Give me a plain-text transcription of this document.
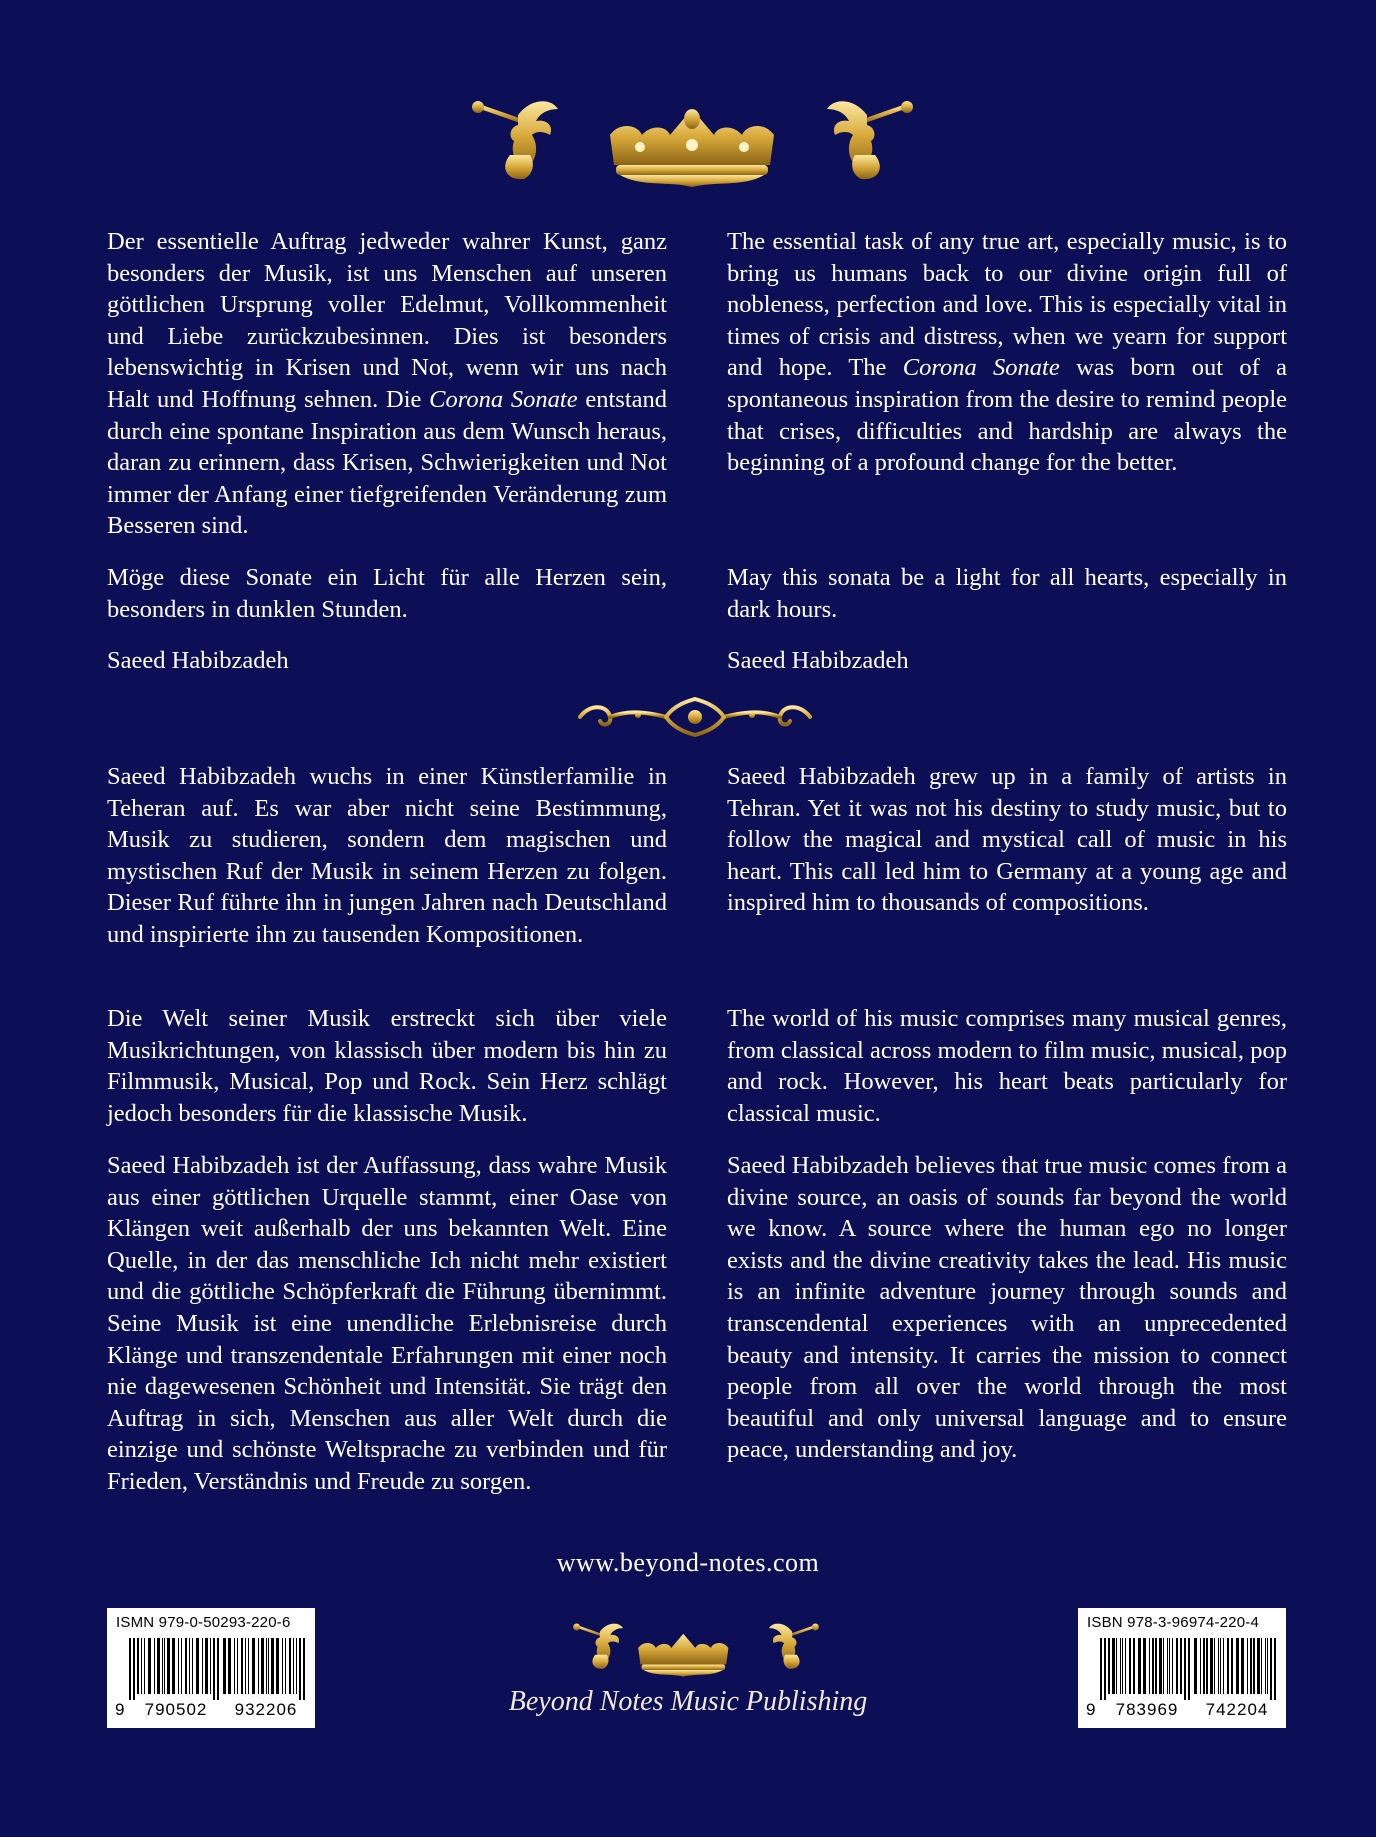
Der essentielle Auftrag jedweder wahrer Kunst, ganz besonders der Musik, ist uns Menschen auf unseren göttlichen Ursprung voller Edelmut, Vollkommenheit und Liebe zurückzubesinnen. Dies ist besonders lebenswichtig in Krisen und Not, wenn wir uns nach Halt und Hoffnung sehnen. Die Corona Sonate entstand durch eine spontane Inspiration aus dem Wunsch heraus, daran zu erinnern, dass Krisen, Schwierigkeiten und Not immer der Anfang einer tiefgreifenden Veränderung zum Besseren sind.

The essential task of any true art, especially music, is to bring us humans back to our divine origin full of nobleness, perfection and love. This is especially vital in times of crisis and distress, when we yearn for support and hope. The Corona Sonate was born out of a spontaneous inspiration from the desire to remind people that crises, difficulties and hardship are always the beginning of a profound change for the better.

Möge diese Sonate ein Licht für alle Herzen sein, besonders in dunklen Stunden.

May this sonata be a light for all hearts, especially in dark hours.

Saeed Habibzadeh	Saeed Habibzadeh

Saeed Habibzadeh wuchs in einer Künstlerfamilie in Teheran auf. Es war aber nicht seine Bestimmung, Musik zu studieren, sondern dem magischen und mystischen Ruf der Musik in seinem Herzen zu folgen. Dieser Ruf führte ihn in jungen Jahren nach Deutschland und inspirierte ihn zu tausenden Kompositionen.

Saeed Habibzadeh grew up in a family of artists in Tehran. Yet it was not his destiny to study music, but to follow the magical and mystical call of music in his heart. This call led him to Germany at a young age and inspired him to thousands of compositions.

Die Welt seiner Musik erstreckt sich über viele Musikrichtungen, von klassisch über modern bis hin zu Filmmusik, Musical, Pop und Rock. Sein Herz schlägt jedoch besonders für die klassische Musik.

The world of his music comprises many musical genres, from classical across modern to film music, musical, pop and rock. However, his heart beats particularly for classical music.

Saeed Habibzadeh ist der Auffassung, dass wahre Musik aus einer göttlichen Urquelle stammt, einer Oase von Klängen weit außerhalb der uns bekannten Welt. Eine Quelle, in der das menschliche Ich nicht mehr existiert und die göttliche Schöpferkraft die Führung übernimmt. Seine Musik ist eine unendliche Erlebnisreise durch Klänge und transzendentale Erfahrungen mit einer noch nie dagewesenen Schönheit und Intensität. Sie trägt den Auftrag in sich, Menschen aus aller Welt durch die einzige und schönste Weltsprache zu verbinden und für Frieden, Verständnis und Freude zu sorgen.

Saeed Habibzadeh believes that true music comes from a divine source, an oasis of sounds far beyond the world we know. A source where the human ego no longer exists and the divine creativity takes the lead. His music is an infinite adventure journey through sounds and transcendental experiences with an unprecedented beauty and intensity. It carries the mission to connect people from all over the world through the most beautiful and only universal language and to ensure peace, understanding and joy.

www.beyond-notes.com
ISMN 979-0-50293-220-6
9	790502	932206	Beyond Notes Music Publishing
ISBN 978-3-96974-220-4
9	783969	742204
